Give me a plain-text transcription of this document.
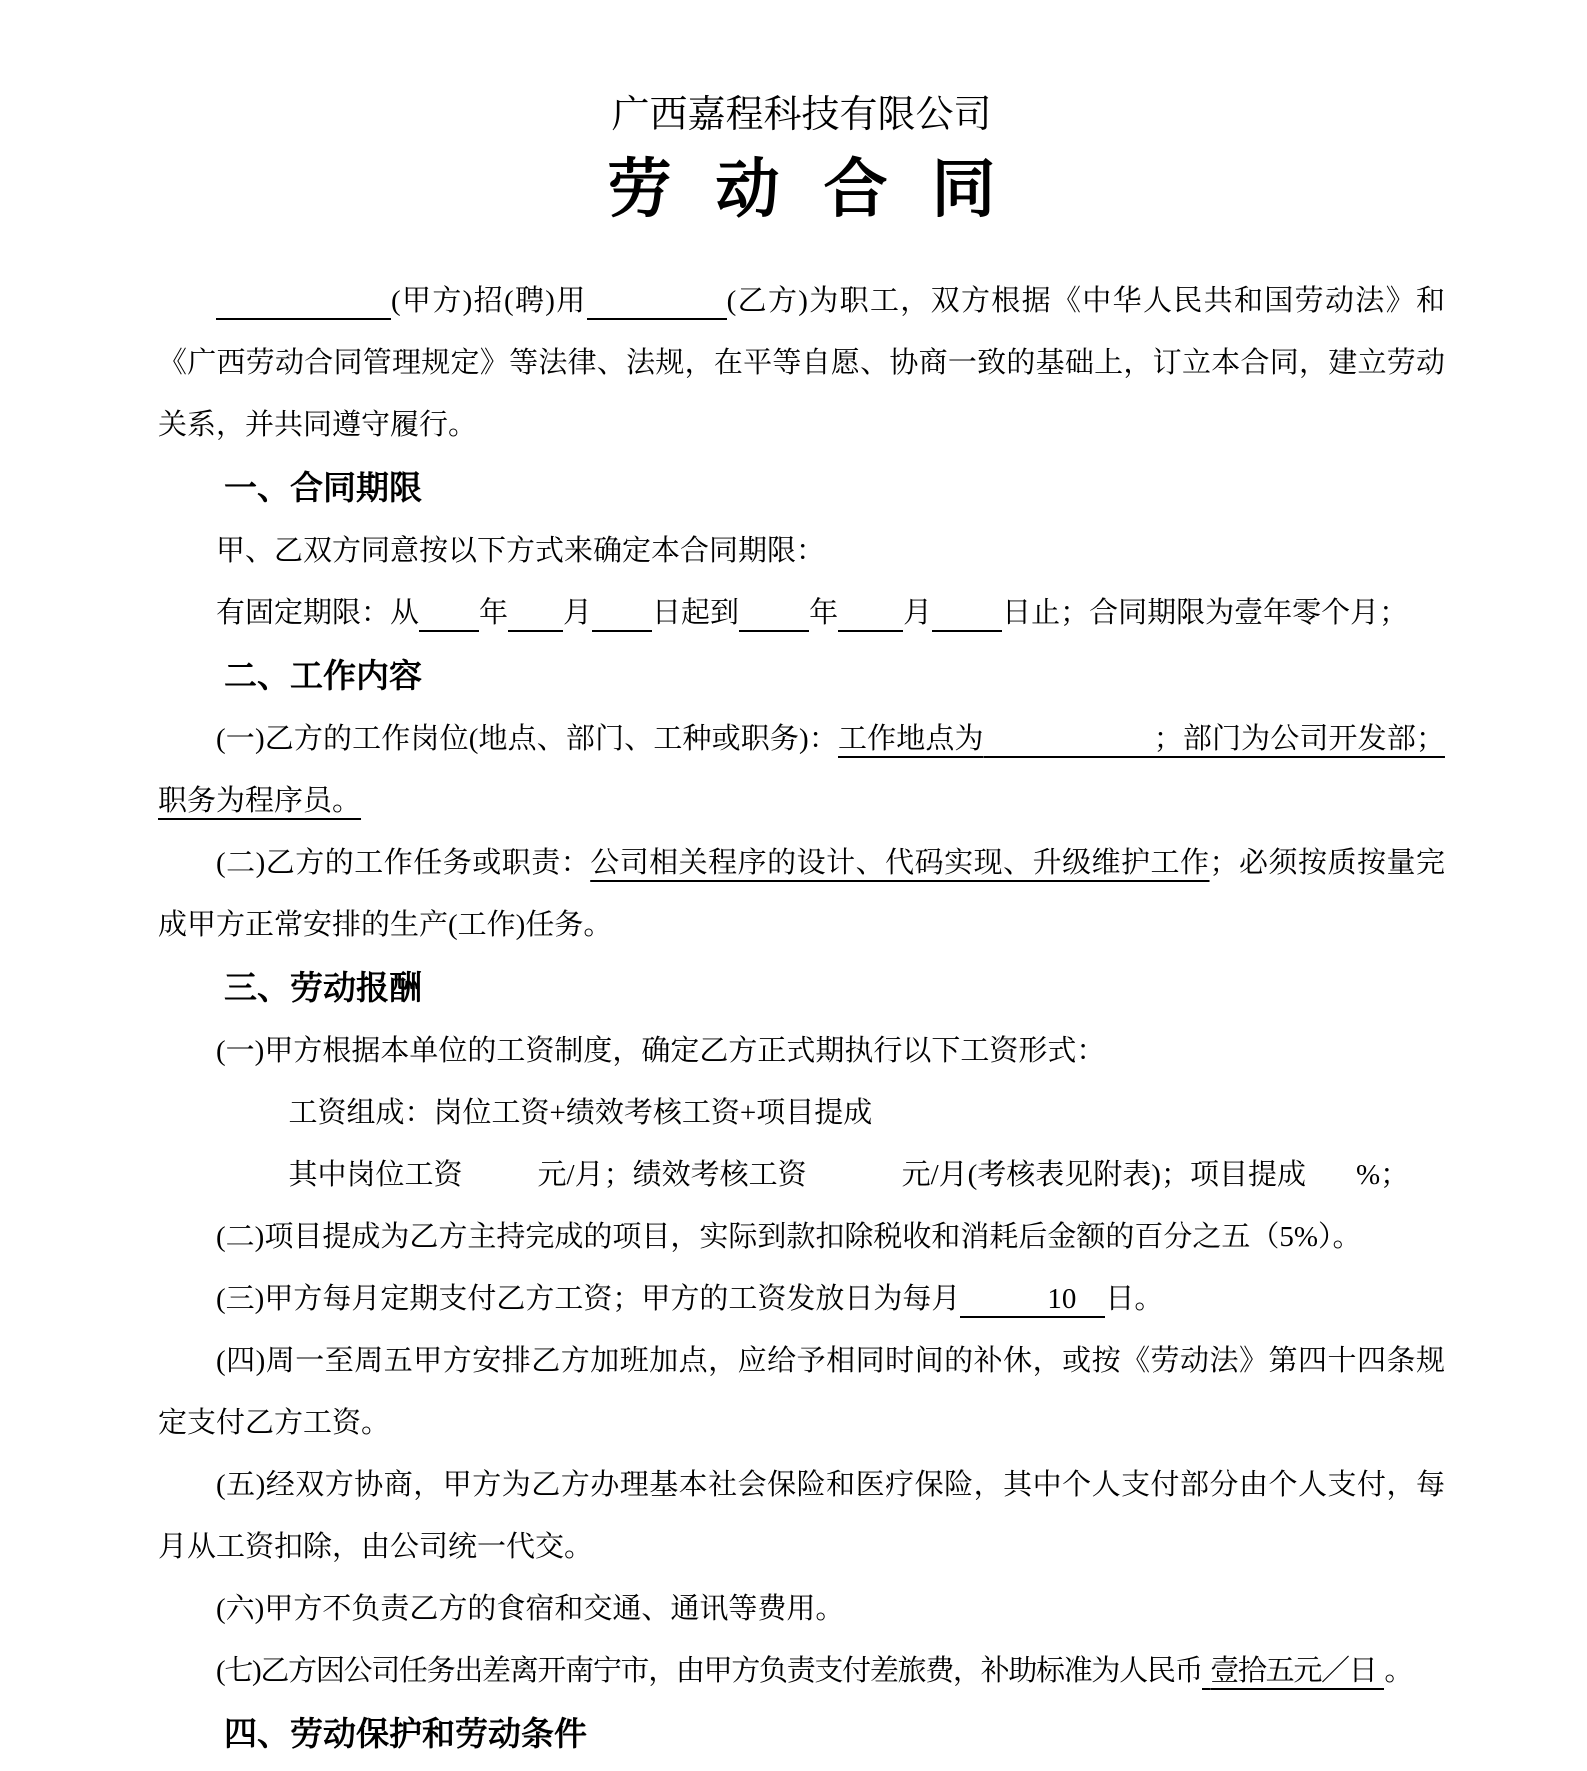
广西嘉程科技有限公司
劳动合同

(甲方)招(聘)用	(乙方)为职工，双方根据《中华人民共和国劳动法》和《广西劳动合同管理规定》等法律、法规，在平等自愿、协商一致的基础上，订立本合同，建立劳动关系，并共同遵守履行。

一、合同期限

甲、乙双方同意按以下方式来确定本合同期限：

有固定期限：从 年 月 日起到 年 月 日止；合同期限为壹年零个月；

二、工作内容

(一)乙方的工作岗位(地点、部门、工种或职务)：工作地点为	；部门为公司开发部；职务为程序员。

(二)乙方的工作任务或职责：公司相关程序的设计、代码实现、升级维护工作；必须按质按量完成甲方正常安排的生产(工作)任务。

三、劳动报酬

(一)甲方根据本单位的工资制度，确定乙方正式期执行以下工资形式：

工资组成：岗位工资+绩效考核工资+项目提成

其中岗位工资	元/月；绩效考核工资	元/月(考核表见附表)；项目提成 %；

(二)项目提成为乙方主持完成的项目，实际到款扣除税收和消耗后金额的百分之五（5%）。

(三)甲方每月定期支付乙方工资；甲方的工资发放日为每月	10 日。

(四)周一至周五甲方安排乙方加班加点，应给予相同时间的补休，或按《劳动法》第四十四条规定支付乙方工资。

(五)经双方协商，甲方为乙方办理基本社会保险和医疗保险，其中个人支付部分由个人支付，每月从工资扣除，由公司统一代交。

(六)甲方不负责乙方的食宿和交通、通讯等费用。

(七)乙方因公司任务出差离开南宁市，由甲方负责支付差旅费，补助标准为人民币 壹拾五元／日 。

四、劳动保护和劳动条件
